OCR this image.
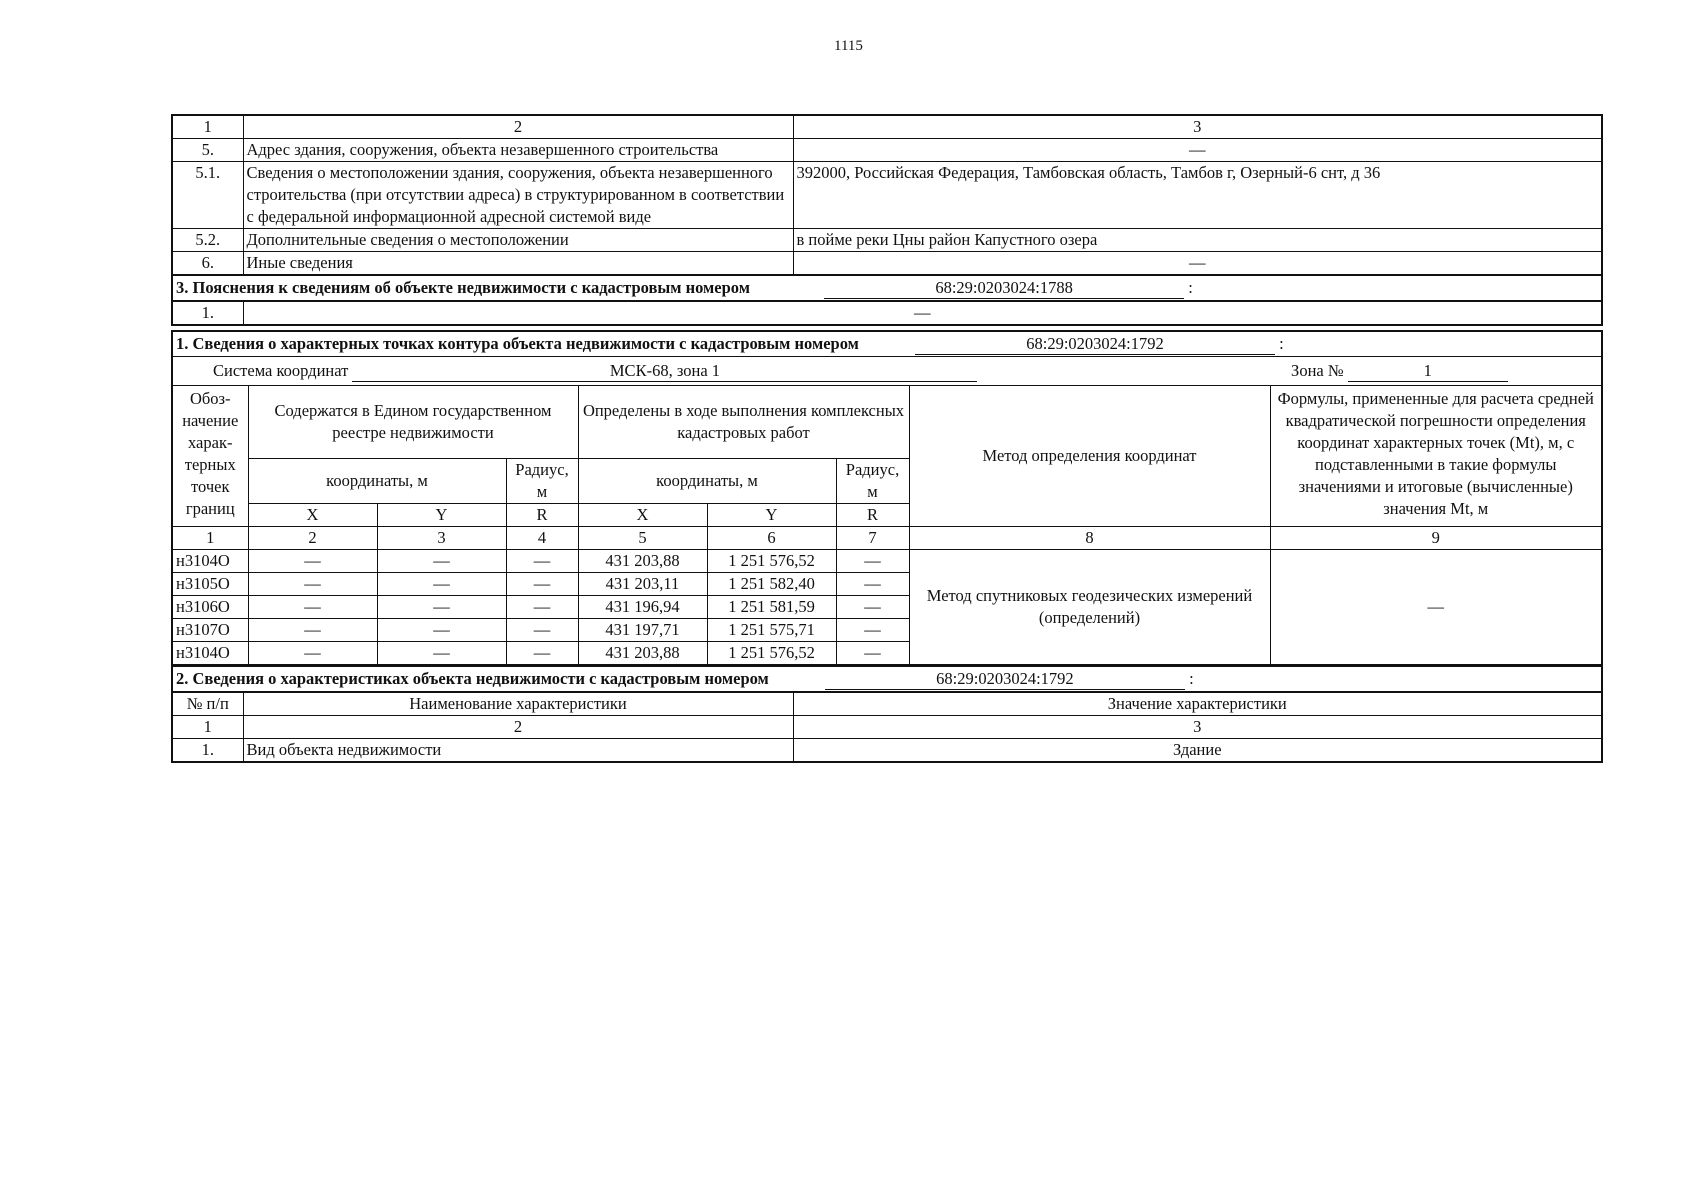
1115
1	2	3
5.	Адрес здания, сооружения, объекта незавершенного строительства	—
5.1.	Сведения о местоположении здания, сооружения, объекта незавершенного строительства (при отсутствии адреса) в структурированном в соответствии с федеральной информационной адресной системой виде	392000, Российская Федерация, Тамбовская область, Тамбов г, Озерный-6 снт, д 36
5.2.	Дополнительные сведения о местоположении	в пойме реки Цны район Капустного озера
6.	Иные сведения	—
3. Пояснения к сведениям об объекте недвижимости с кадастровым номером 68:29:0203024:1788 :		
1.	—	
1. Сведения о характерных точках контура объекта недвижимости с кадастровым номером 68:29:0203024:1792 :								
Система координат МСК-68, зона 1 Зона № 1								
Обоз-начение харак-терных точек границ	Содержатся в Едином государственном реестре недвижимости			Определены в ходе выполнения комплексных кадастровых работ			Метод определения координат	Формулы, примененные для расчета средней квадратической погрешности определения координат характерных точек (Mt), м, с подставленными в такие формулы значениями и итоговые (вычисленные) значения Mt, м
	координаты, м		Радиус, м	координаты, м		Радиус, м		
	X	Y	R	X	Y	R		
1	2	3	4	5	6	7	8	9
н3104О	—	—	—	431 203,88	1 251 576,52	—	Метод спутниковых геодезических измерений (определений)	—
н3105О	—	—	—	431 203,11	1 251 582,40	—		
н3106О	—	—	—	431 196,94	1 251 581,59	—		
н3107О	—	—	—	431 197,71	1 251 575,71	—		
н3104О	—	—	—	431 203,88	1 251 576,52	—		
2. Сведения о характеристиках объекта недвижимости с кадастровым номером 68:29:0203024:1792 :		
№ п/п	Наименование характеристики	Значение характеристики
1	2	3
1.	Вид объекта недвижимости	Здание
